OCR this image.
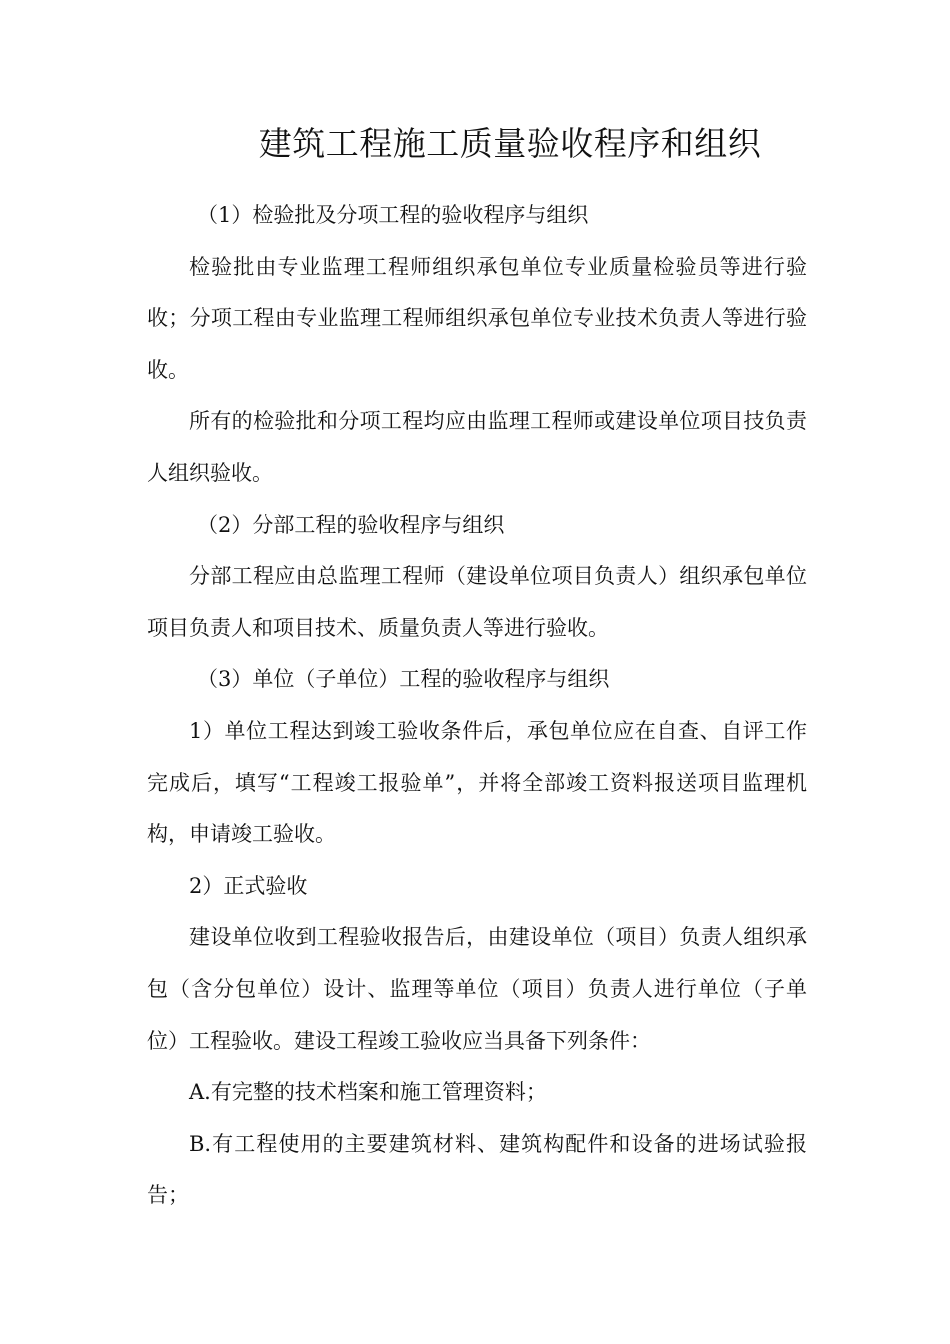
建筑工程施工质量验收程序和组织

（1）检验批及分项工程的验收程序与组织

检验批由专业监理工程师组织承包单位专业质量检验员等进行验收；分项工程由专业监理工程师组织承包单位专业技术负责人等进行验收。

所有的检验批和分项工程均应由监理工程师或建设单位项目技负责人组织验收。

（2）分部工程的验收程序与组织

分部工程应由总监理工程师（建设单位项目负责人）组织承包单位项目负责人和项目技术、质量负责人等进行验收。

（3）单位（子单位）工程的验收程序与组织

1）单位工程达到竣工验收条件后，承包单位应在自查、自评工作完成后，填写“工程竣工报验单”，并将全部竣工资料报送项目监理机构，申请竣工验收。

2）正式验收

建设单位收到工程验收报告后，由建设单位（项目）负责人组织承包（含分包单位）设计、监理等单位（项目）负责人进行单位（子单位）工程验收。建设工程竣工验收应当具备下列条件：

A.有完整的技术档案和施工管理资料；

B.有工程使用的主要建筑材料、建筑构配件和设备的进场试验报告；
